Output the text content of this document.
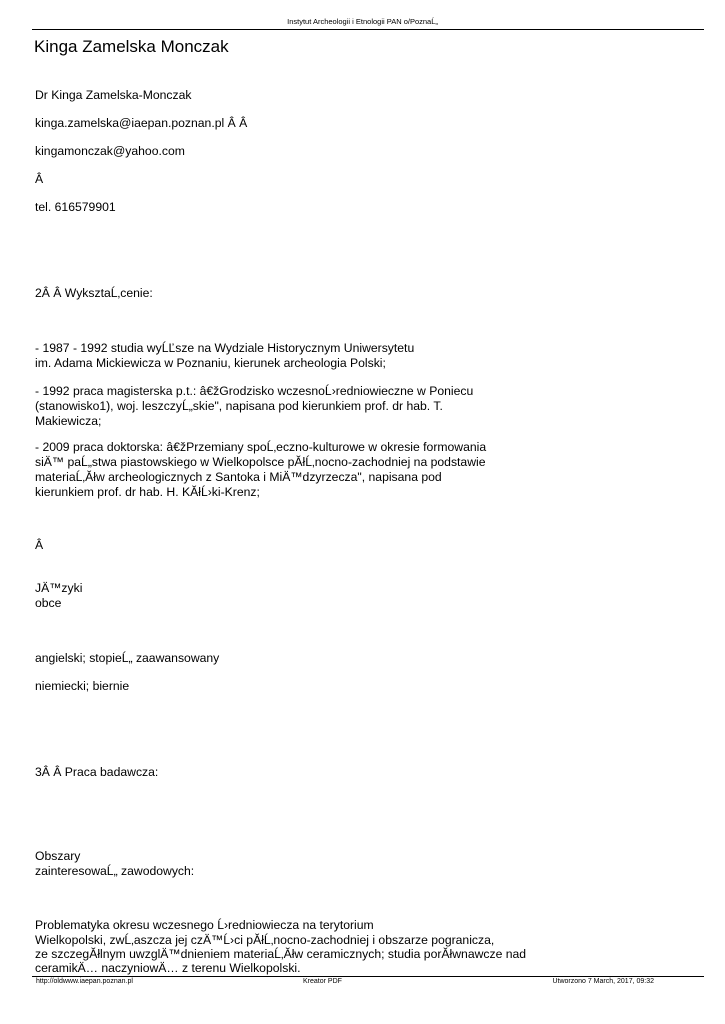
Instytut Archeologii i Etnologii PAN o/PoznaĹ„
Kinga Zamelska Monczak

Dr Kinga Zamelska-Monczak

kinga.zamelska@iaepan.poznan.pl Â Â

kingamonczak@yahoo.com

Â

tel. 616579901

2Â Â WyksztaĹ‚cenie:

- 1987 - 1992 studia wyĹĽsze na Wydziale Historycznym Uniwersytetu

im. Adama Mickiewicza w Poznaniu, kierunek archeologia Polski;

- 1992 praca magisterska p.t.: â€žGrodzisko wczesnoĹ›redniowieczne w Poniecu

(stanowisko1), woj. leszczyĹ„skie", napisana pod kierunkiem prof. dr hab. T.

Makiewicza;

- 2009 praca doktorska: â€žPrzemiany spoĹ‚eczno-kulturowe w okresie formowania

siÄ™ paĹ„stwa piastowskiego w Wielkopolsce pĂłĹ‚nocno-zachodniej na podstawie

materiaĹ‚Ăłw archeologicznych z Santoka i MiÄ™dzyrzecza", napisana pod

kierunkiem prof. dr hab. H. KĂłĹ›ki-Krenz;

Â

JÄ™zyki

obce

angielski; stopieĹ„ zaawansowany

niemiecki; biernie

3Â Â Praca badawcza:

Obszary

zainteresowaĹ„ zawodowych:

Problematyka okresu wczesnego Ĺ›redniowiecza na terytorium

Wielkopolski, zwĹ‚aszcza jej czÄ™Ĺ›ci pĂłĹ‚nocno-zachodniej i obszarze pogranicza,

ze szczegĂłlnym uwzglÄ™dnieniem materiaĹ‚Ăłw ceramicznych; studia porĂłwnawcze nad

ceramikÄ… naczyniowÄ… z terenu Wielkopolski.

http://oldwww.iaepan.poznan.pl	Kreator PDF	Utworzono 7 March, 2017, 09:32
